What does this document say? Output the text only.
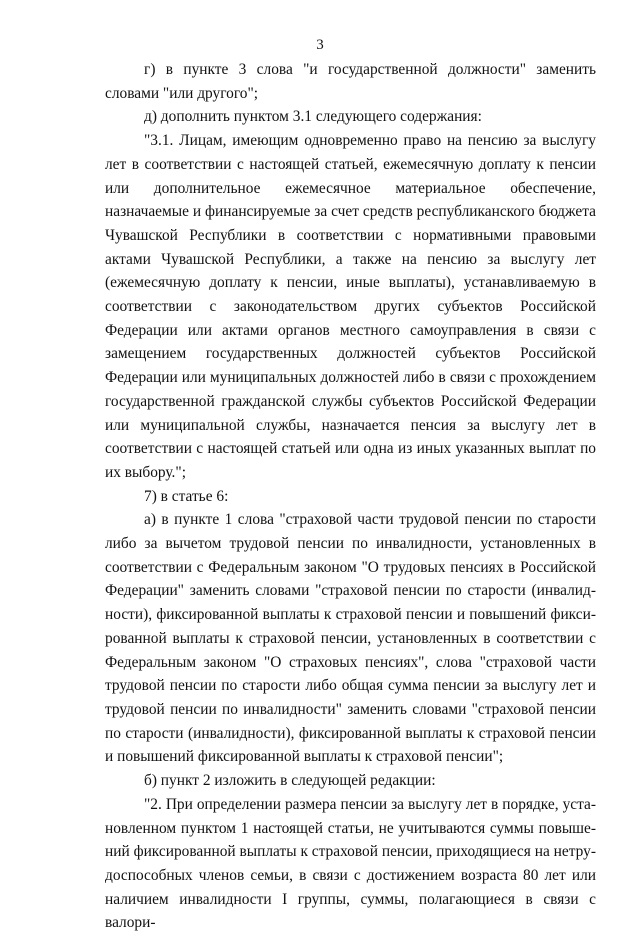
3

г) в пункте 3 слова "и государственной должности" заменить словами "или другого";

д) дополнить пунктом 3.1 следующего содержания:

"3.1. Лицам, имеющим одновременно право на пенсию за выслугу лет в соответствии с настоящей статьей, ежемесячную доплату к пенсии или дополнительное ежемесячное материальное обеспечение, назначаемые и финансируемые за счет средств республиканского бюджета Чувашской Республики в соответствии с нормативными правовыми актами Чувашской Республики, а также на пенсию за выслугу лет (ежемесячную доплату к пенсии, иные выплаты), устанавливаемую в соответствии с законодательством других субъектов Российской Федерации или актами органов местного самоуправления в связи с замещением государственных должностей субъектов Российской Федерации или муниципальных должностей либо в связи с прохождением государственной гражданской службы субъектов Российской Федерации или муниципальной службы, назначается пенсия за выслугу лет в соответствии с настоящей статьей или одна из иных указанных выплат по их выбору.";

7) в статье 6:

а) в пункте 1 слова "страховой части трудовой пенсии по старости либо за вычетом трудовой пенсии по инвалидности, установленных в соответствии с Федеральным законом "О трудовых пенсиях в Российской Федерации" заменить словами "страховой пенсии по старости (инвалидности), фиксированной выплаты к страховой пенсии и повышений фиксированной выплаты к страховой пенсии, установленных в соответствии с Федеральным законом "О страховых пенсиях", слова "страховой части трудовой пенсии по старости либо общая сумма пенсии за выслугу лет и трудовой пенсии по инвалидности" заменить словами "страховой пенсии по старости (инвалидности), фиксированной выплаты к страховой пенсии и повышений фиксированной выплаты к страховой пенсии";

б) пункт 2 изложить в следующей редакции:

"2. При определении размера пенсии за выслугу лет в порядке, установленном пунктом 1 настоящей статьи, не учитываются суммы повышений фиксированной выплаты к страховой пенсии, приходящиеся на нетрудоспособных членов семьи, в связи с достижением возраста 80 лет или наличием инвалидности I группы, суммы, полагающиеся в связи с валори-
